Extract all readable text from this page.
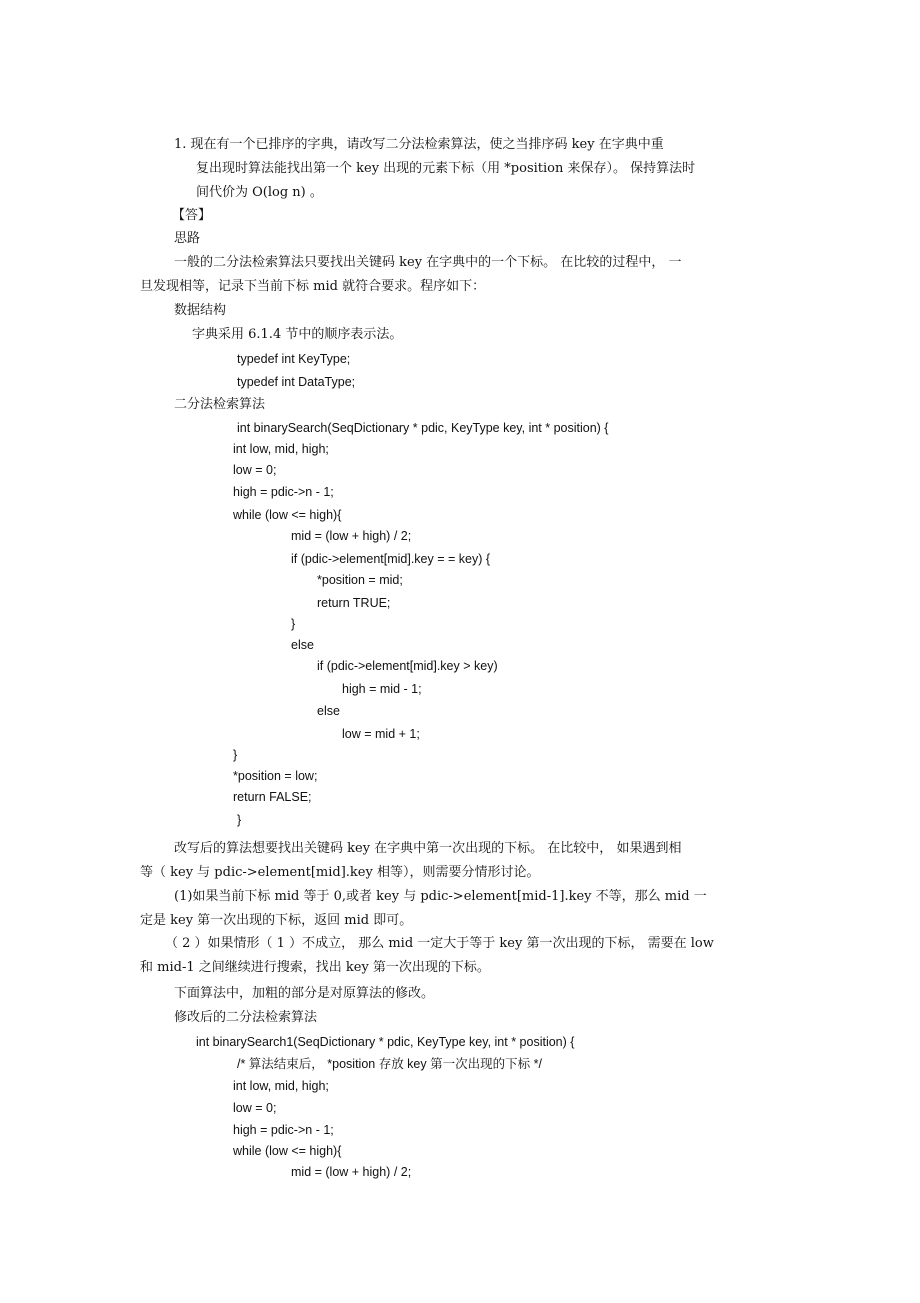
1. 现在有一个已排序的字典，请改写二分法检索算法，使之当排序码 key 在字典中重
复出现时算法能找出第一个 key 出现的元素下标（用 *position 来保存）。 保持算法时
间代价为 O(log n) 。
【答】
思路
一般的二分法检索算法只要找出关键码 key 在字典中的一个下标。 在比较的过程中， 一
旦发现相等，记录下当前下标 mid 就符合要求。程序如下：
数据结构
字典采用 6.1.4 节中的顺序表示法。
typedef int KeyType;
typedef int DataType;
二分法检索算法
int binarySearch(SeqDictionary * pdic, KeyType key, int * position) {
int low, mid, high;
low = 0;
high = pdic->n - 1;
while (low <= high){
mid = (low + high) / 2;
if (pdic->element[mid].key = = key) {
*position = mid;
return TRUE;
}
else
if (pdic->element[mid].key > key)
high = mid - 1;
else
low = mid + 1;
}
*position = low;
return FALSE;
}
改写后的算法想要找出关键码 key 在字典中第一次出现的下标。 在比较中， 如果遇到相
等（ key 与 pdic->element[mid].key 相等），则需要分情形讨论。
(1)如果当前下标 mid 等于 0,或者 key 与 pdic->element[mid-1].key 不等，那么 mid 一
定是 key 第一次出现的下标，返回 mid 即可。
（ 2 ）如果情形（ 1 ）不成立， 那么 mid 一定大于等于 key 第一次出现的下标， 需要在 low
和 mid-1 之间继续进行搜索，找出 key 第一次出现的下标。
下面算法中，加粗的部分是对原算法的修改。
修改后的二分法检索算法
int binarySearch1(SeqDictionary * pdic, KeyType key, int * position) {
/* 算法结束后， *position 存放 key 第一次出现的下标 */
int low, mid, high;
low = 0;
high = pdic->n - 1;
while (low <= high){
mid = (low + high) / 2;
